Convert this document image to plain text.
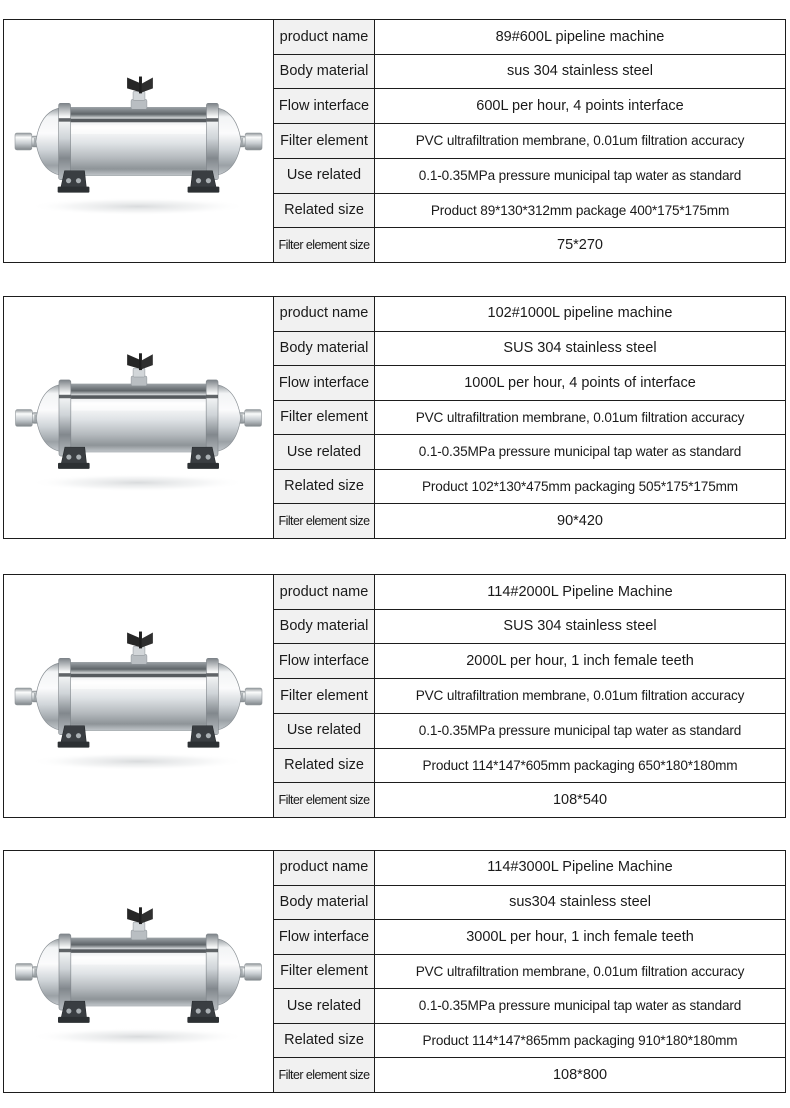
product name	89#600L pipeline machine
Body material	sus 304 stainless steel
Flow interface	600L per hour, 4 points interface
Filter element	PVC ultrafiltration membrane, 0.01um filtration accuracy
Use related	0.1-0.35MPa pressure municipal tap water as standard
Related size	Product 89*130*312mm package 400*175*175mm
Filter element size	75*270
product name	102#1000L pipeline machine
Body material	SUS 304 stainless steel
Flow interface	1000L per hour, 4 points of interface
Filter element	PVC ultrafiltration membrane, 0.01um filtration accuracy
Use related	0.1-0.35MPa pressure municipal tap water as standard
Related size	Product 102*130*475mm packaging 505*175*175mm
Filter element size	90*420
product name	114#2000L Pipeline Machine
Body material	SUS 304 stainless steel
Flow interface	2000L per hour, 1 inch female teeth
Filter element	PVC ultrafiltration membrane, 0.01um filtration accuracy
Use related	0.1-0.35MPa pressure municipal tap water as standard
Related size	Product 114*147*605mm packaging 650*180*180mm
Filter element size	108*540
product name	114#3000L Pipeline Machine
Body material	sus304 stainless steel
Flow interface	3000L per hour, 1 inch female teeth
Filter element	PVC ultrafiltration membrane, 0.01um filtration accuracy
Use related	0.1-0.35MPa pressure municipal tap water as standard
Related size	Product 114*147*865mm packaging 910*180*180mm
Filter element size	108*800
